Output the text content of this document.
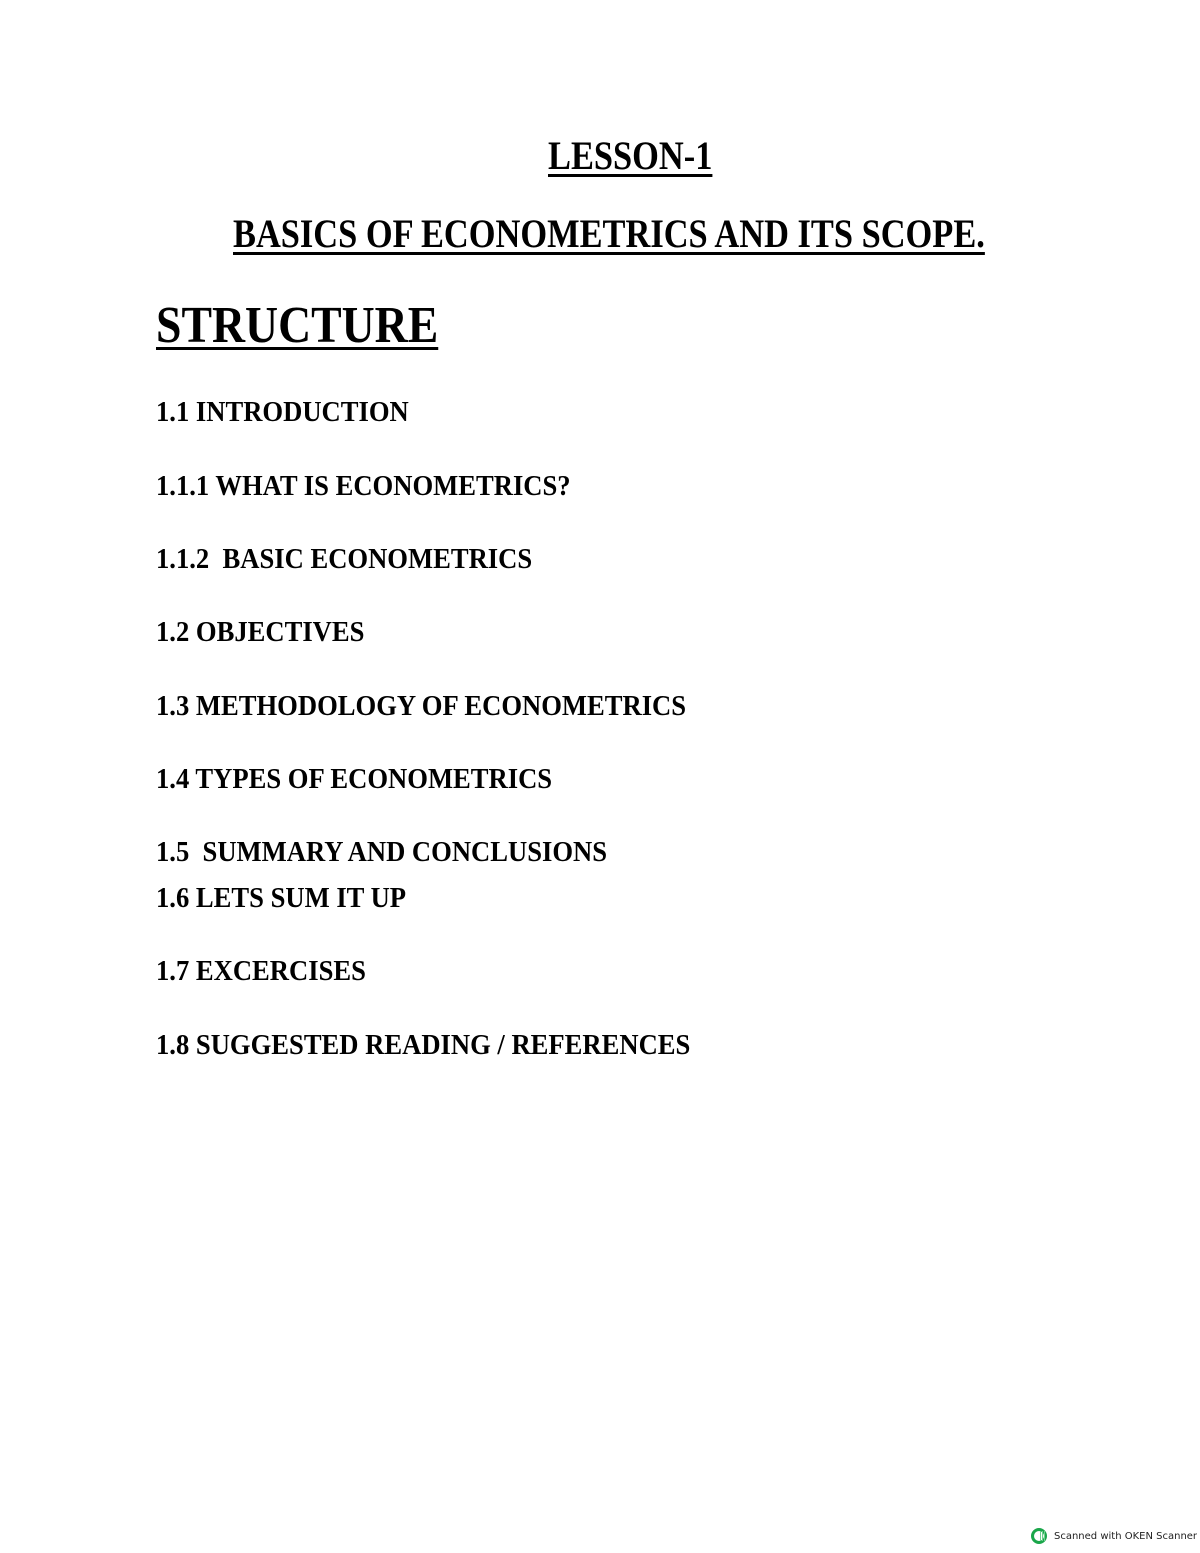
LESSON-1
BASICS OF ECONOMETRICS AND ITS SCOPE.
STRUCTURE
1.1 INTRODUCTION
1.1.1 WHAT IS ECONOMETRICS?
1.1.2  BASIC ECONOMETRICS
1.2 OBJECTIVES
1.3 METHODOLOGY OF ECONOMETRICS
1.4 TYPES OF ECONOMETRICS
1.5  SUMMARY AND CONCLUSIONS
1.6 LETS SUM IT UP
1.7 EXCERCISES
1.8 SUGGESTED READING / REFERENCES
Scanned with OKEN Scanner
